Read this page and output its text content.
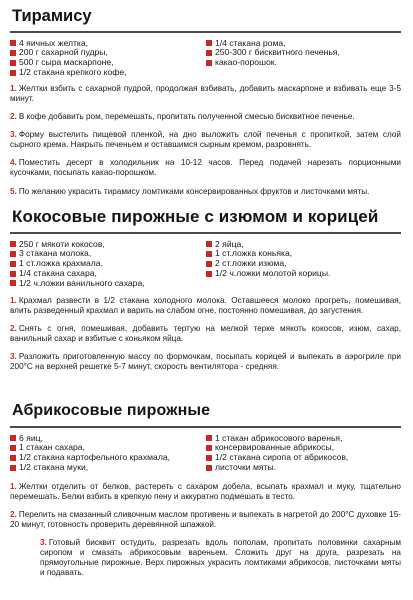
Тирамису
4 яичных желтка,
200 г сахарной пудры,
500 г сыра маскарпоне,
1/2 стакана крепкого кофе,
1/4 стакана рома,
250-300 г бисквитного печенья,
какао-порошок.

1. Желтки взбить с сахарной пудрой, продолжая взбивать, добавить маскарпоне и взбивать еще 3-5 минут.

2. В кофе добавить ром, перемешать, пропитать полученной смесью бисквитное печенье.

3. Форму выстелить пищевой пленкой, на дно выложить слой печенья с пропиткой, затем слой сырного крема. Накрыть печеньем и оставшимся сырным кремом, разровнять.

4. Поместить десерт в холодильник на 10-12 часов. Перед подачей нарезать порционными кусочками, посыпать какао-порошком.

5. По желанию украсить тирамису ломтиками консервированных фруктов и листочками мяты.

Кокосовые пирожные с изюмом и корицей
250 г мякоти кокосов,
3 стакана молока,
1 ст.ложка крахмала,
1/4 стакана сахара,
1/2 ч.ложки ванильного сахара,
2 яйца,
1 ст.ложка коньяка,
2 ст.ложки изюма,
1/2 ч.ложки молотой корицы.

1. Крахмал развести в 1/2 стакана холодного молока. Оставшееся молоко прогреть, помешивая, влить разведенный крахмал и варить на слабом огне, постоянно помешивая, до загустения.

2. Снять с огня, помешивая, добавить тертую на мелкой терке мякоть кокосов, изюм, сахар, ванильный сахар и взбитые с коньяком яйца.

3. Разложить приготовленную массу по формочкам, посыпать корицей и выпекать в аэрогриле при 200°С на верхней решетке 5-7 минут, скорость вентилятора - средняя.

Абрикосовые пирожные
6 яиц,
1 стакан сахара,
1/2 стакана картофельного крахмала,
1/2 стакана муки,
1 стакан абрикосового варенья,
консервированные абрикосы,
1/2 стакана сиропа от абрикосов,
листочки мяты.

1. Желтки отделить от белков, растереть с сахаром добела, всыпать крахмал и муку, тщательно перемешать. Белки взбить в крепкую пену и аккуратно подмешать в тесто.

2. Перелить на смазанный сливочным маслом противень и выпекать в нагретой до 200°С духовке 15-20 минут, готовность проверить деревянной шпажкой.

3. Готовый бисквит остудить, разрезать вдоль пополам, пропитать половинки сахарным сиропом и смазать абрикосовым вареньем. Сложить друг на друга, разрезать на прямоугольные пирожные. Верх пирожных украсить ломтиками абрикосов, листочками мяты и подавать.
